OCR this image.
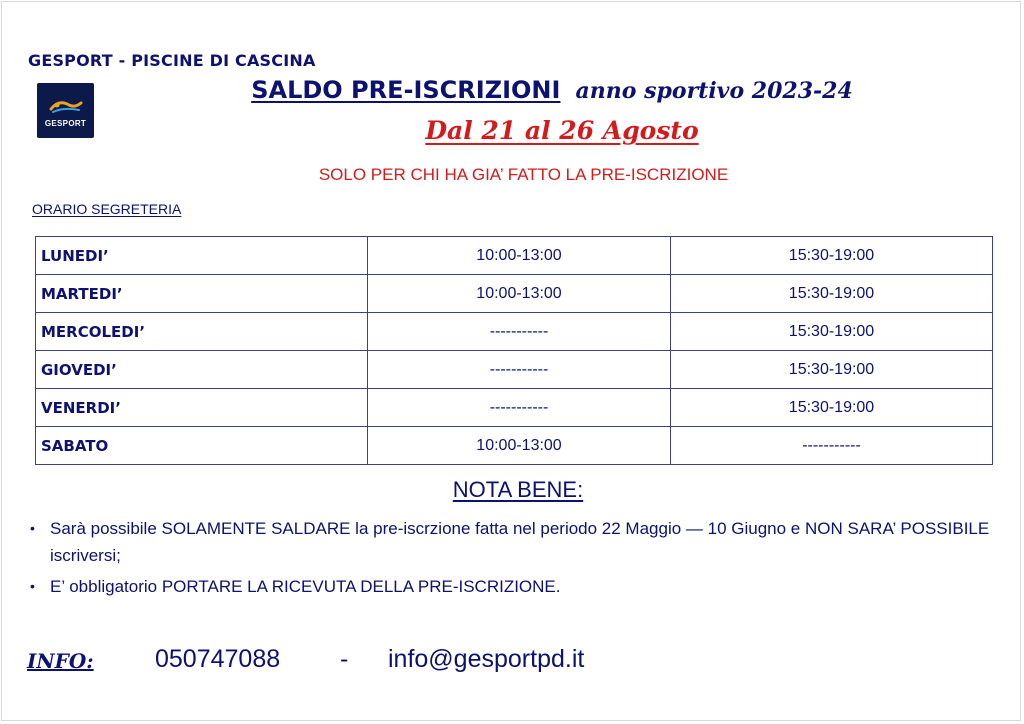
GESPORT - PISCINE DI CASCINA
GESPORT
SALDO PRE-ISCRIZIONI anno sportivo 2023-24
Dal 21 al 26 Agosto
SOLO PER CHI HA GIA’ FATTO LA PRE-ISCRIZIONE
ORARIO SEGRETERIA
LUNEDI’	10:00-13:00	15:30-19:00
MARTEDI’	10:00-13:00	15:30-19:00
MERCOLEDI’	-----------	15:30-19:00
GIOVEDI’	-----------	15:30-19:00
VENERDI’	-----------	15:30-19:00
SABATO	10:00-13:00	-----------
NOTA BENE:
• Sarà possibile SOLAMENTE SALDARE la pre-iscrzione fatta nel periodo 22 Maggio — 10 Giugno e NON SARA’ POSSIBILE iscriversi;
• E’ obbligatorio PORTARE LA RICEVUTA DELLA PRE-ISCRIZIONE.
INFO: 050747088 - info@gesportpd.it
